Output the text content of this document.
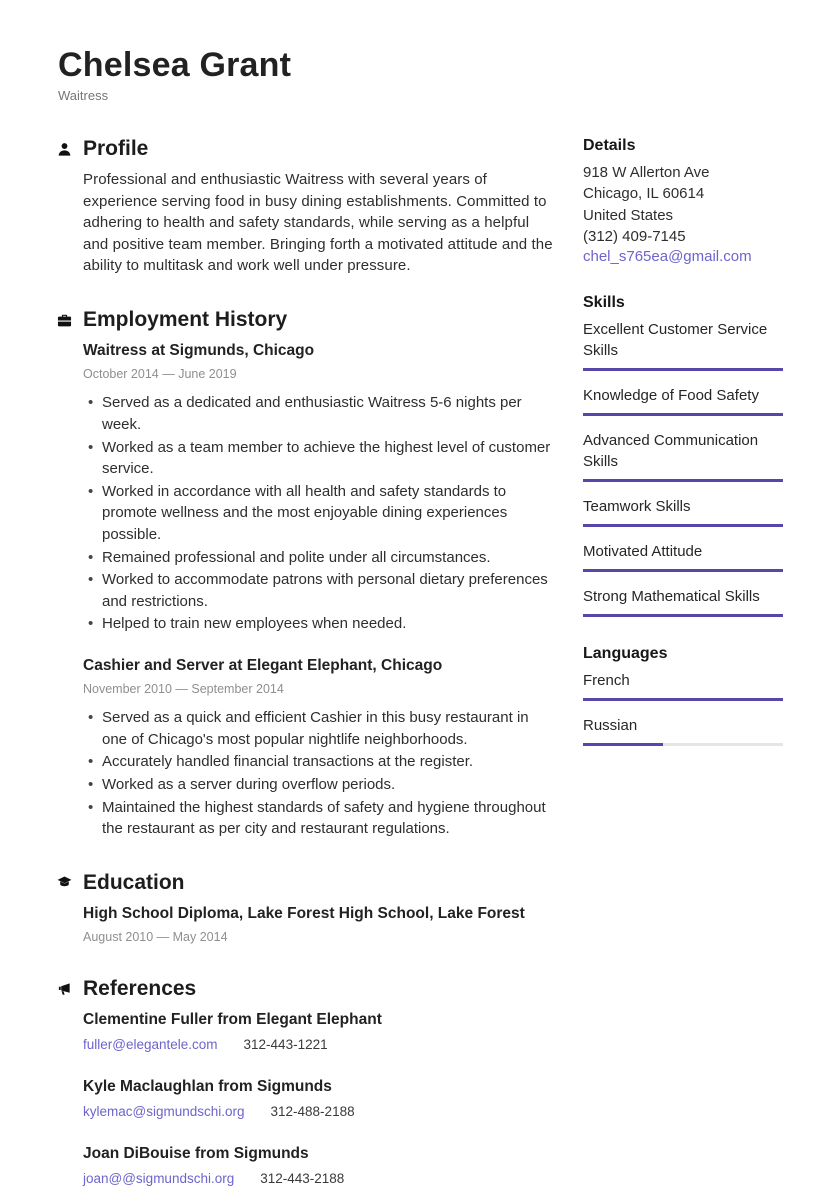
Chelsea Grant
Waitress
Profile

Professional and enthusiastic Waitress with several years of experience serving food in busy dining establishments. Committed to adhering to health and safety standards, while serving as a helpful and positive team member. Bringing forth a motivated attitude and the ability to multitask and work well under pressure.

Employment History
Waitress at Sigmunds, Chicago
October 2014 — June 2019
• Served as a dedicated and enthusiastic Waitress 5-6 nights per week.
• Worked as a team member to achieve the highest level of customer service.
• Worked in accordance with all health and safety standards to promote wellness and the most enjoyable dining experiences possible.
• Remained professional and polite under all circumstances.
• Worked to accommodate patrons with personal dietary preferences and restrictions.
• Helped to train new employees when needed.
Cashier and Server at Elegant Elephant, Chicago
November 2010 — September 2014
• Served as a quick and efficient Cashier in this busy restaurant in one of Chicago's most popular nightlife neighborhoods.
• Accurately handled financial transactions at the register.
• Worked as a server during overflow periods.
• Maintained the highest standards of safety and hygiene throughout the restaurant as per city and restaurant regulations.
Education
High School Diploma, Lake Forest High School, Lake Forest
August 2010 — May 2014
References
Clementine Fuller from Elegant Elephant
fuller@elegantele.com 312-443-1221
Kyle Maclaughlan from Sigmunds
kylemac@sigmundschi.org 312-488-2188
Joan DiBouise from Sigmunds
joan@@sigmundschi.org 312-443-2188
Details
918 W Allerton Ave
Chicago, IL 60614
United States
(312) 409-7145
chel_s765ea@gmail.com
Skills
Excellent Customer Service Skills
Knowledge of Food Safety
Advanced Communication Skills
Teamwork Skills
Motivated Attitude
Strong Mathematical Skills
Languages
French
Russian
